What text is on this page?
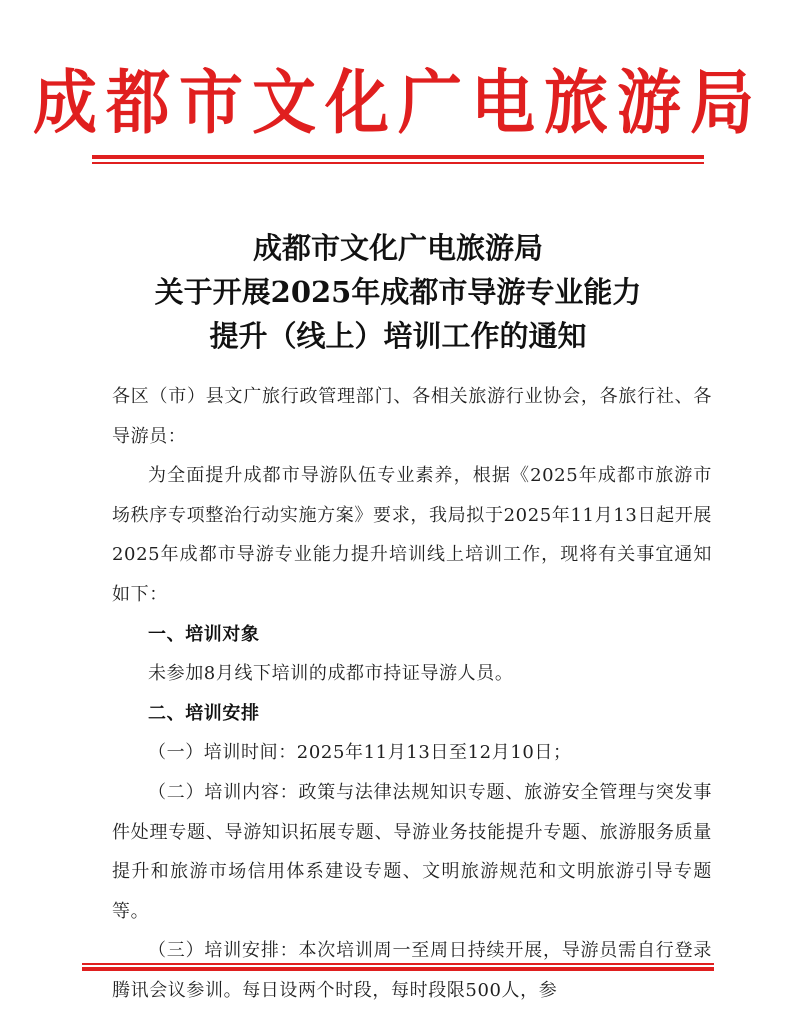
成都市文化广电旅游局
成都市文化广电旅游局
关于开展2025年成都市导游专业能力
提升（线上）培训工作的通知

各区（市）县文广旅行政管理部门、各相关旅游行业协会，各旅行社、各导游员：

为全面提升成都市导游队伍专业素养，根据《2025年成都市旅游市场秩序专项整治行动实施方案》要求，我局拟于2025年11月13日起开展2025年成都市导游专业能力提升培训线上培训工作，现将有关事宜通知如下：

一、培训对象

未参加8月线下培训的成都市持证导游人员。

二、培训安排

（一）培训时间：2025年11月13日至12月10日；

（二）培训内容：政策与法律法规知识专题、旅游安全管理与突发事件处理专题、导游知识拓展专题、导游业务技能提升专题、旅游服务质量提升和旅游市场信用体系建设专题、文明旅游规范和文明旅游引导专题等。

（三）培训安排：本次培训周一至周日持续开展，导游员需自行登录腾讯会议参训。每日设两个时段，每时段限500人，参
